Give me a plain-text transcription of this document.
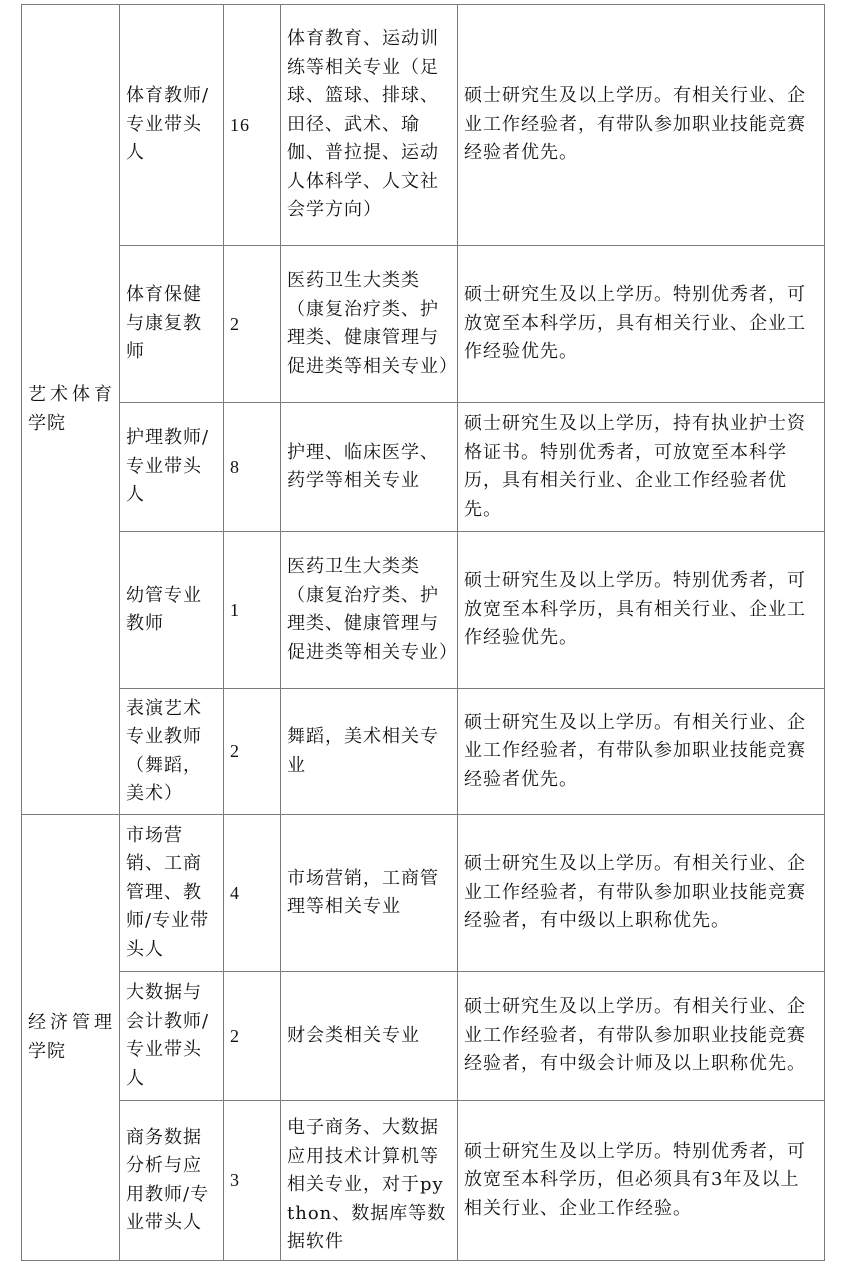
艺术体育学院	体育教师/专业带头人	16	体育教育、运动训练等相关专业（足球、篮球、排球、田径、武术、瑜伽、普拉提、运动人体科学、人文社会学方向）	硕士研究生及以上学历。有相关行业、企业工作经验者，有带队参加职业技能竞赛经验者优先。
	体育保健与康复教师	2	医药卫生大类类（康复治疗类、护理类、健康管理与促进类等相关专业）	硕士研究生及以上学历。特别优秀者，可放宽至本科学历，具有相关行业、企业工作经验优先。
	护理教师/专业带头人	8	护理、临床医学、药学等相关专业	硕士研究生及以上学历，持有执业护士资格证书。特别优秀者，可放宽至本科学历，具有相关行业、企业工作经验者优先。
	幼管专业教师	1	医药卫生大类类（康复治疗类、护理类、健康管理与促进类等相关专业）	硕士研究生及以上学历。特别优秀者，可放宽至本科学历，具有相关行业、企业工作经验优先。
	表演艺术专业教师（舞蹈，美术）	2	舞蹈，美术相关专业	硕士研究生及以上学历。有相关行业、企业工作经验者，有带队参加职业技能竞赛经验者优先。
经济管理学院	市场营销、工商管理、教师/专业带头人	4	市场营销，工商管理等相关专业	硕士研究生及以上学历。有相关行业、企业工作经验者，有带队参加职业技能竞赛经验者，有中级以上职称优先。
	大数据与会计教师/专业带头人	2	财会类相关专业	硕士研究生及以上学历。有相关行业、企业工作经验者，有带队参加职业技能竞赛经验者，有中级会计师及以上职称优先。
	商务数据分析与应用教师/专业带头人	3	电子商务、大数据应用技术计算机等相关专业，对于python、数据库等数据软件	硕士研究生及以上学历。特别优秀者，可放宽至本科学历，但必须具有3年及以上相关行业、企业工作经验。
